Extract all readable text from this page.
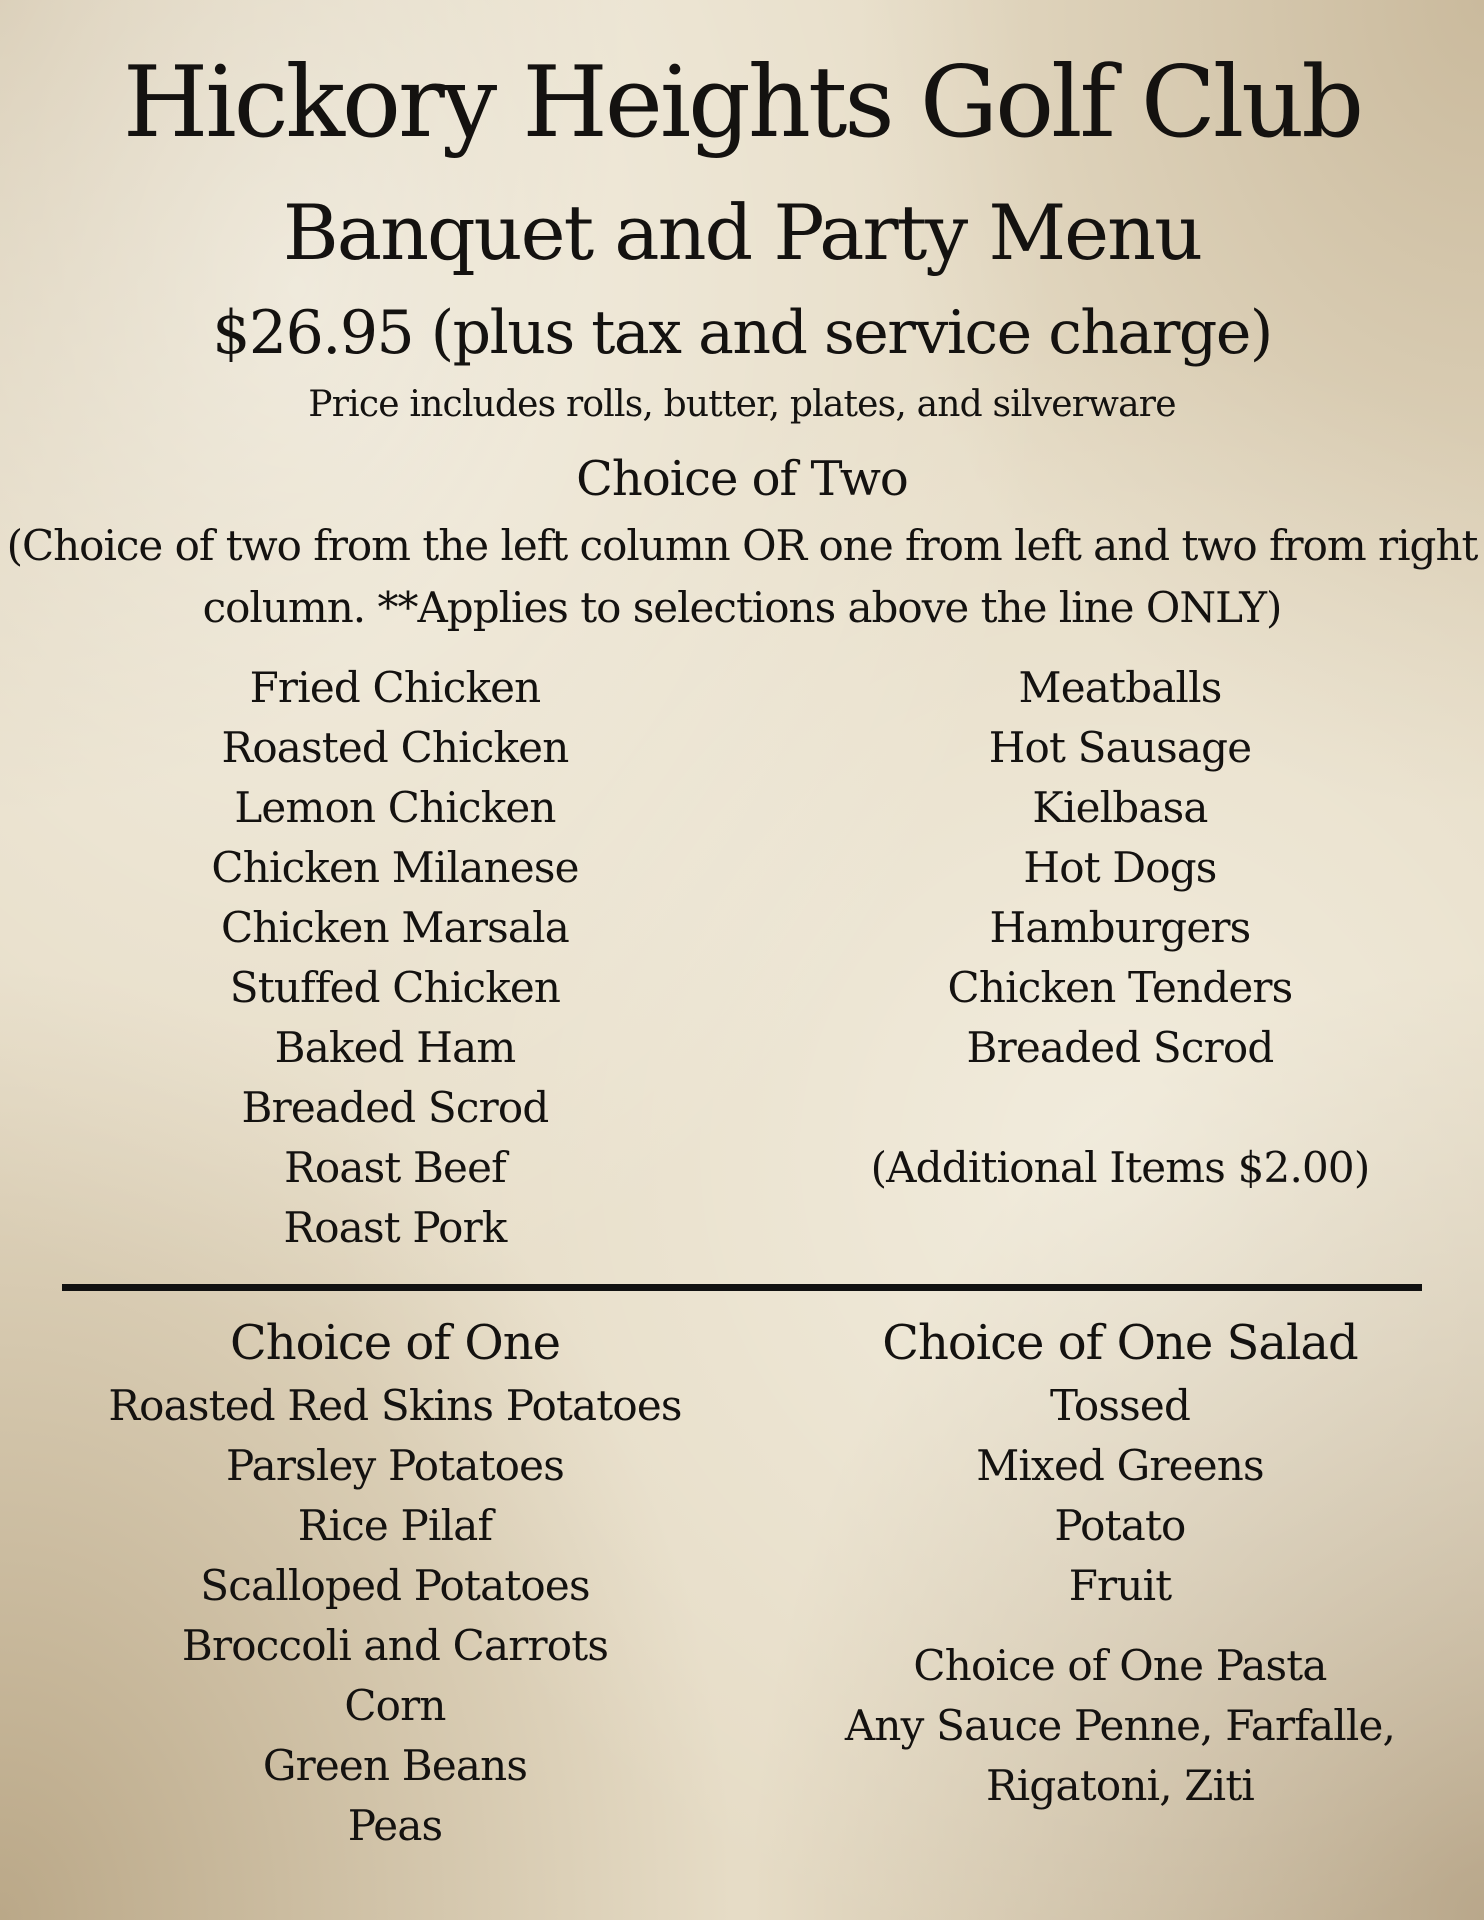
Hickory Heights Golf Club
Banquet and Party Menu
$26.95 (plus tax and service charge)
Price includes rolls, butter, plates, and silverware
Choice of Two
(Choice of two from the left column OR one from left and two from right column. **Applies to selections above the line ONLY)
Fried Chicken
Roasted Chicken
Lemon Chicken
Chicken Milanese
Chicken Marsala
Stuffed Chicken
Baked Ham
Breaded Scrod
Roast Beef
Roast Pork
Meatballs
Hot Sausage
Kielbasa
Hot Dogs
Hamburgers
Chicken Tenders
Breaded Scrod
(Additional Items $2.00)
Choice of One
Roasted Red Skins Potatoes
Parsley Potatoes
Rice Pilaf
Scalloped Potatoes
Broccoli and Carrots
Corn
Green Beans
Peas
Choice of One Salad
Tossed
Mixed Greens
Potato
Fruit
Choice of One Pasta
Any Sauce Penne, Farfalle,
Rigatoni, Ziti
